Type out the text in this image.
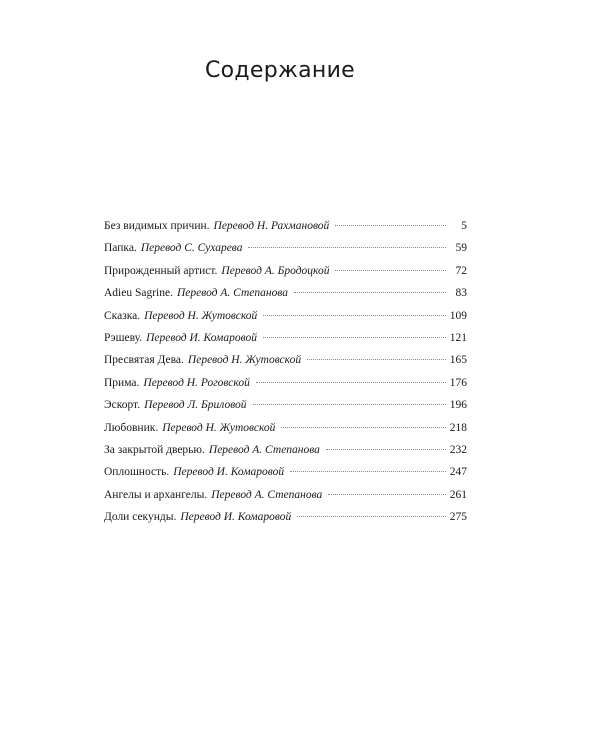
Содержание
Без видимых причин. Перевод Н. Рахмановой	5
Папка. Перевод С. Сухарева	59
Прирожденный артист. Перевод А. Бродоцкой	72
Adieu Sagrine. Перевод А. Степанова	83
Сказка. Перевод Н. Жутовской	109
Рэшеву. Перевод И. Комаровой	121
Пресвятая Дева. Перевод Н. Жутовской	165
Прима. Перевод Н. Роговской	176
Эскорт. Перевод Л. Бриловой	196
Любовник. Перевод Н. Жутовской	218
За закрытой дверью. Перевод А. Степанова	232
Оплошность. Перевод И. Комаровой	247
Ангелы и архангелы. Перевод А. Степанова	261
Доли секунды. Перевод И. Комаровой	275
